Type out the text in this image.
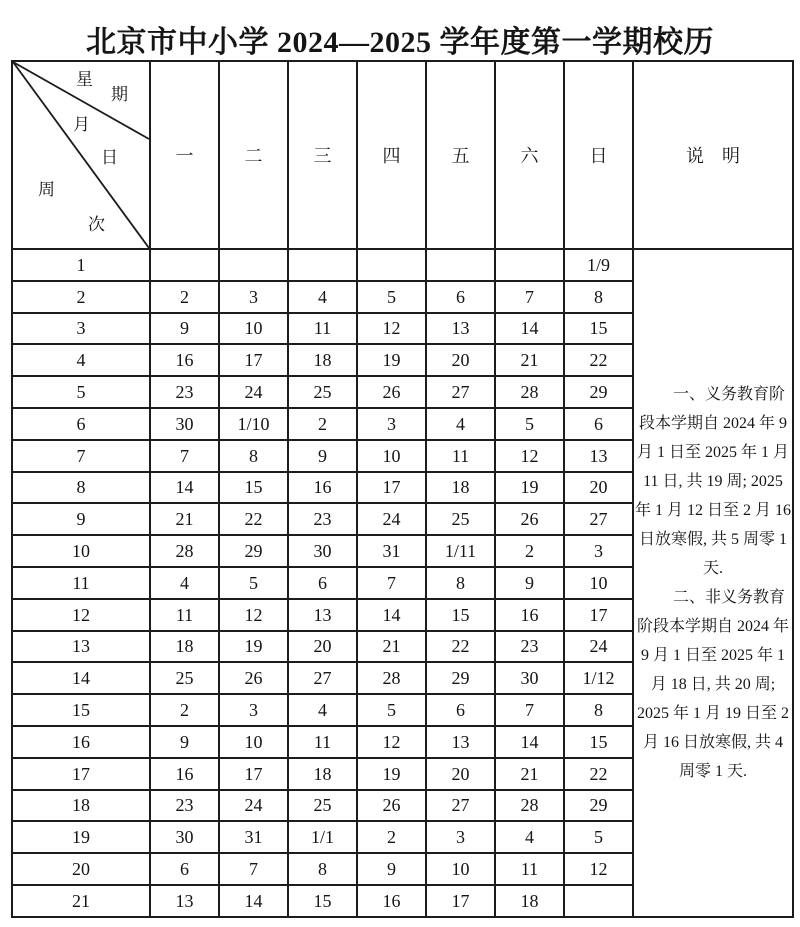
北京市中小学 2024—2025 学年度第一学期校历
星
期
月
日
周
次
	一	二	三	四	五	六	日	说　明
1							1/9	一、义务教育阶段本学期自 2024 年 9 月 1 日至 2025 年 1 月 11 日, 共 19 周; 2025 年 1 月 12 日至 2 月 16 日放寒假, 共 5 周零 1 天.

二、非义务教育阶段本学期自 2024 年 9 月 1 日至 2025 年 1 月 18 日, 共 20 周; 2025 年 1 月 19 日至 2 月 16 日放寒假, 共 4 周零 1 天.

2	2	3	4	5	6	7	8	
3	9	10	11	12	13	14	15	
4	16	17	18	19	20	21	22	
5	23	24	25	26	27	28	29	
6	30	1/10	2	3	4	5	6	
7	7	8	9	10	11	12	13	
8	14	15	16	17	18	19	20	
9	21	22	23	24	25	26	27	
10	28	29	30	31	1/11	2	3	
11	4	5	6	7	8	9	10	
12	11	12	13	14	15	16	17	
13	18	19	20	21	22	23	24	
14	25	26	27	28	29	30	1/12	
15	2	3	4	5	6	7	8	
16	9	10	11	12	13	14	15	
17	16	17	18	19	20	21	22	
18	23	24	25	26	27	28	29	
19	30	31	1/1	2	3	4	5	
20	6	7	8	9	10	11	12	
21	13	14	15	16	17	18		
